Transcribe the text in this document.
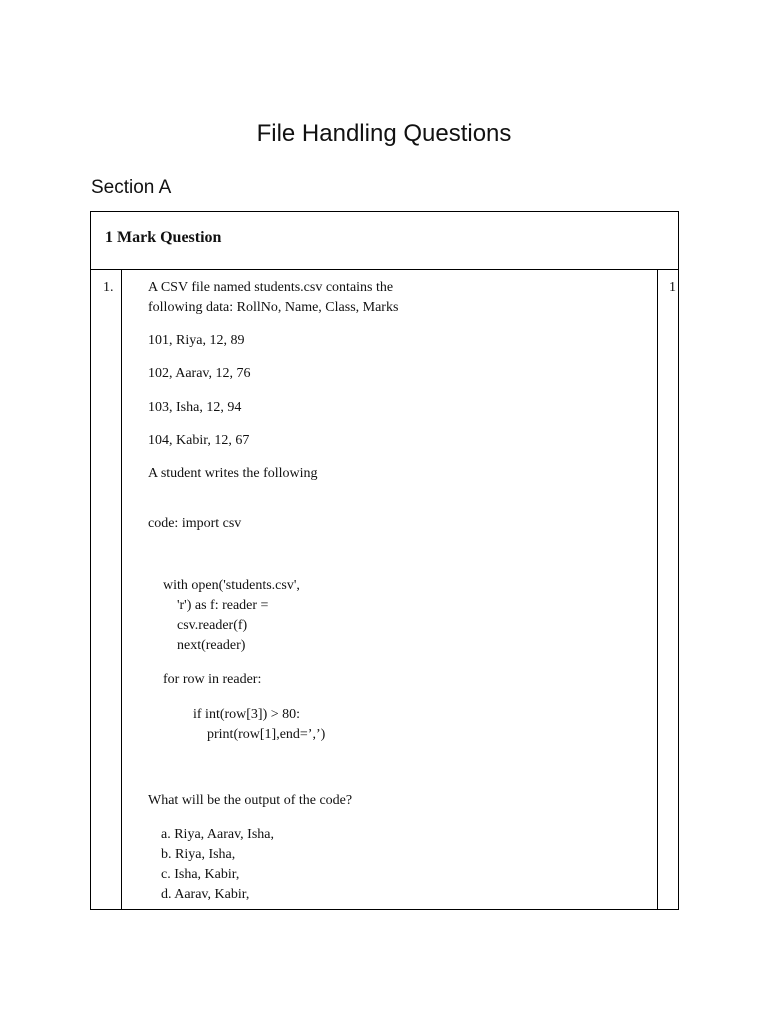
File Handling Questions
Section A
1 Mark Question
1.	1
A CSV file named students.csv contains the
following data: RollNo, Name, Class, Marks
101, Riya, 12, 89
102, Aarav, 12, 76
103, Isha, 12, 94
104, Kabir, 12, 67
A student writes the following
code: import csv
with open('students.csv',
'r') as f: reader =
csv.reader(f)
next(reader)
for row in reader:
if int(row[3]) > 80:
print(row[1],end=’,’)
What will be the output of the code?
a. Riya, Aarav, Isha,
b. Riya, Isha,
c. Isha, Kabir,
d. Aarav, Kabir,
